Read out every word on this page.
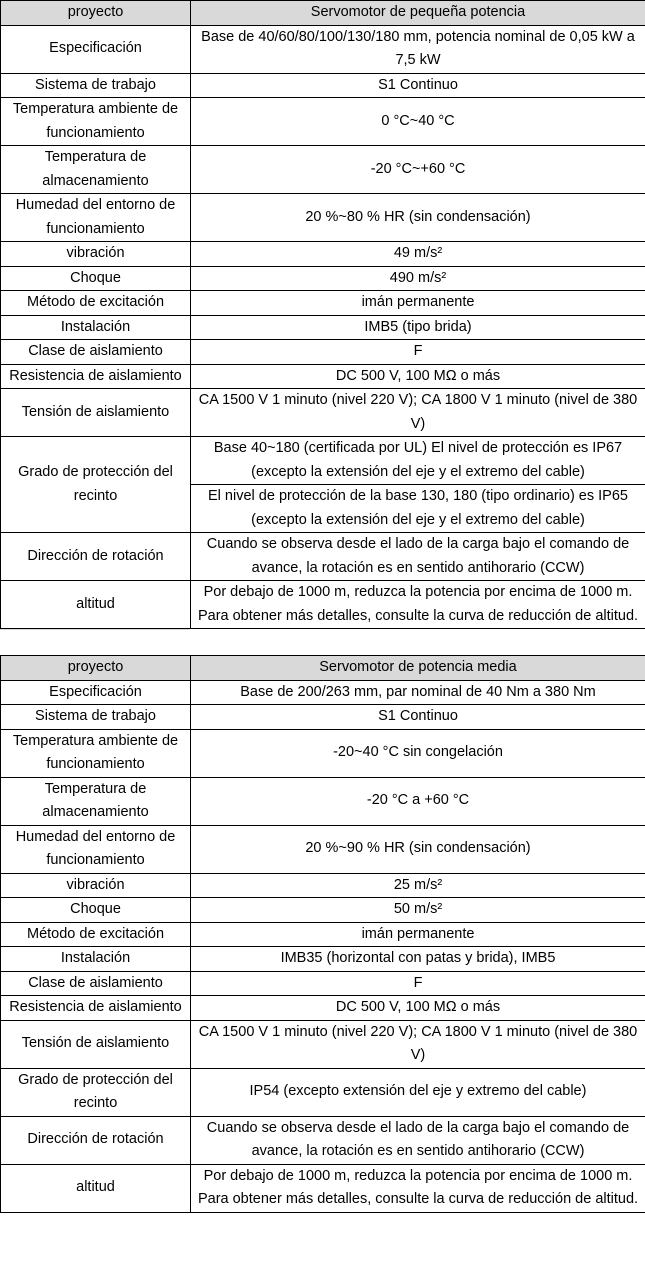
proyecto	Servomotor de pequeña potencia
Especificación	Base de 40/60/80/100/130/180 mm, potencia nominal de 0,05 kW a 7,5 kW
Sistema de trabajo	S1 Continuo
Temperatura ambiente de funcionamiento	0 °C~40 °C
Temperatura de almacenamiento	-20 °C~+60 °C
Humedad del entorno de funcionamiento	20 %~80 % HR (sin condensación)
vibración	49 m/s²
Choque	490 m/s²
Método de excitación	imán permanente
Instalación	IMB5 (tipo brida)
Clase de aislamiento	F
Resistencia de aislamiento	DC 500 V, 100 MΩ o más
Tensión de aislamiento	CA 1500 V 1 minuto (nivel 220 V); CA 1800 V 1 minuto (nivel de 380 V)
Grado de protección del recinto	Base 40~180 (certificada por UL) El nivel de protección es IP67 (excepto la extensión del eje y el extremo del cable)
	El nivel de protección de la base 130, 180 (tipo ordinario) es IP65 (excepto la extensión del eje y el extremo del cable)
Dirección de rotación	Cuando se observa desde el lado de la carga bajo el comando de avance, la rotación es en sentido antihorario (CCW)
altitud	Por debajo de 1000 m, reduzca la potencia por encima de 1000 m. Para obtener más detalles, consulte la curva de reducción de altitud.
proyecto	Servomotor de potencia media
Especificación	Base de 200/263 mm, par nominal de 40 Nm a 380 Nm
Sistema de trabajo	S1 Continuo
Temperatura ambiente de funcionamiento	-20~40 °C sin congelación
Temperatura de almacenamiento	-20 °C a +60 °C
Humedad del entorno de funcionamiento	20 %~90 % HR (sin condensación)
vibración	25 m/s²
Choque	50 m/s²
Método de excitación	imán permanente
Instalación	IMB35 (horizontal con patas y brida), IMB5
Clase de aislamiento	F
Resistencia de aislamiento	DC 500 V, 100 MΩ o más
Tensión de aislamiento	CA 1500 V 1 minuto (nivel 220 V); CA 1800 V 1 minuto (nivel de 380 V)
Grado de protección del recinto	IP54 (excepto extensión del eje y extremo del cable)
Dirección de rotación	Cuando se observa desde el lado de la carga bajo el comando de avance, la rotación es en sentido antihorario (CCW)
altitud	Por debajo de 1000 m, reduzca la potencia por encima de 1000 m. Para obtener más detalles, consulte la curva de reducción de altitud.
